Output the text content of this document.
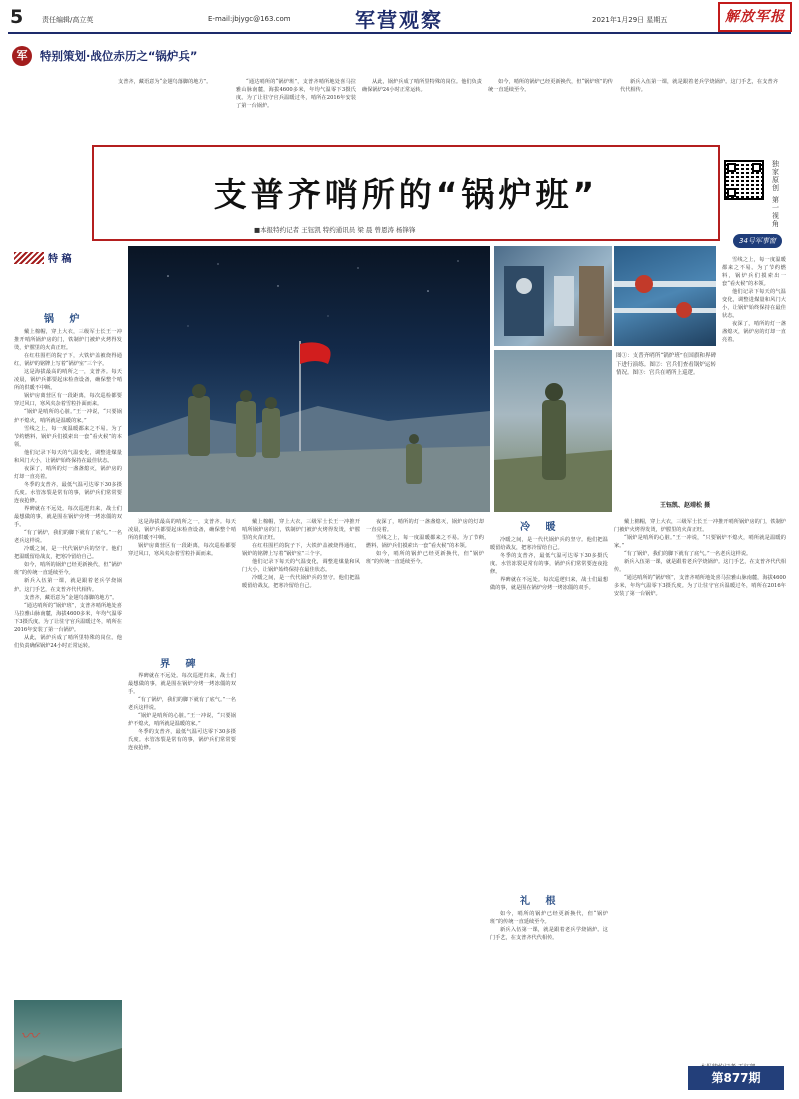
5	责任编辑/高立英	E-mail:jbjygc@163.com	军营观察	2021年1月29日 星期五	解放军报
军	特别策划·战位赤历之“锅炉兵”

支普齐，藏语意为“金翅鸟落脚的地方”。	“通达哨所的“锅炉班”，支普齐哨所地处喜马拉雅山脉南麓，海拔4600多米，年均气温零下3摄氏度。为了让驻守官兵温暖过冬，哨所在2016年安装了第一台锅炉。

从此，锅炉兵成了哨所里特殊的岗位。他们负责确保锅炉24小时正常运转。

如今，哨所的锅炉已经更新换代，但“锅炉班”的传统一直延续至今。

新兵入伍第一课，就是跟着老兵学烧锅炉。这门手艺，在支普齐代代相传。

支普齐哨所的“锅炉班”
■本报特约记者 王钰凯 特约通讯员 梁 晨 曾恩涛 杨锋锋
独家原创
第一视角
34号军事窗
特 稿
锅 炉

戴上棉帽，穿上大衣，三级军士长王一冲推开哨所锅炉房的门，铁制炉门被炉火烤得发烫，炉膛里的火苗正旺。

在红柱围栏的院子下，大铁炉盖被烧得通红，锅炉的铭牌上写着“锅炉室”三个字。

这是海拔最高的哨所之一，支普齐。每天凌晨，锅炉兵都要起床检查设备，确保整个哨所的供暖不中断。

锅炉房离营区有一段距离，每次巡检都要穿过风口，寒风夹杂着雪粒扑面而来。

“锅炉是哨所的心脏。”王一冲说，“只要锅炉不熄火，哨所就是温暖的家。”

雪线之上，每一度温暖都来之不易。为了节约燃料，锅炉兵们摸索出一套“看火候”的本领。

他们记录下每天的气温变化，调整进煤量和风门大小，让锅炉始终保持在最佳状态。

夜深了，哨所的灯一盏盏熄灭，锅炉房的灯却一直亮着。

冬季的支普齐，最低气温可达零下30多摄氏度。水管冻裂是常有的事，锅炉兵们常常要连夜抢修。

界碑就在不远处。每次巡逻归来，战士们最想做的事，就是围在锅炉旁烤一烤冻僵的双手。

“有了锅炉，我们的脚下就有了底气。”一名老兵这样说。

冷暖之间，是一代代锅炉兵的坚守。他们把温暖留给战友，把寒冷留给自己。

如今，哨所的锅炉已经更新换代，但“锅炉班”的传统一直延续至今。

新兵入伍第一课，就是跟着老兵学烧锅炉。这门手艺，在支普齐代代相传。

支普齐，藏语意为“金翅鸟落脚的地方”。

“通达哨所的“锅炉班”，支普齐哨所地处喜马拉雅山脉南麓，海拔4600多米，年均气温零下3摄氏度。为了让驻守官兵温暖过冬，哨所在2016年安装了第一台锅炉。

从此，锅炉兵成了哨所里特殊的岗位。他们负责确保锅炉24小时正常运转。

图①：支普齐哨所“锅炉班”在国旗和界碑下进行演练。图②：官兵们查看锅炉运转情况。图③：官兵在哨所上巡逻。
王钰凯、赵靖松 摄

雪线之上，每一度温暖都来之不易。为了节约燃料，锅炉兵们摸索出一套“看火候”的本领。

他们记录下每天的气温变化，调整进煤量和风门大小，让锅炉始终保持在最佳状态。

夜深了，哨所的灯一盏盏熄灭，锅炉房的灯却一直亮着。

这是海拔最高的哨所之一，支普齐。每天凌晨，锅炉兵都要起床检查设备，确保整个哨所的供暖不中断。

锅炉房离营区有一段距离，每次巡检都要穿过风口，寒风夹杂着雪粒扑面而来。

界 碑

界碑就在不远处。每次巡逻归来，战士们最想做的事，就是围在锅炉旁烤一烤冻僵的双手。

“有了锅炉，我们的脚下就有了底气。”一名老兵这样说。

“锅炉是哨所的心脏。”王一冲说，“只要锅炉不熄火，哨所就是温暖的家。”

冬季的支普齐，最低气温可达零下30多摄氏度。水管冻裂是常有的事，锅炉兵们常常要连夜抢修。

戴上棉帽，穿上大衣，三级军士长王一冲推开哨所锅炉房的门，铁制炉门被炉火烤得发烫，炉膛里的火苗正旺。

在红柱围栏的院子下，大铁炉盖被烧得通红，锅炉的铭牌上写着“锅炉室”三个字。

他们记录下每天的气温变化，调整进煤量和风门大小，让锅炉始终保持在最佳状态。

冷暖之间，是一代代锅炉兵的坚守。他们把温暖留给战友，把寒冷留给自己。

夜深了，哨所的灯一盏盏熄灭，锅炉房的灯却一直亮着。

雪线之上，每一度温暖都来之不易。为了节约燃料，锅炉兵们摸索出一套“看火候”的本领。

如今，哨所的锅炉已经更新换代，但“锅炉班”的传统一直延续至今。

冷 暖

冷暖之间，是一代代锅炉兵的坚守。他们把温暖留给战友，把寒冷留给自己。

冬季的支普齐，最低气温可达零下30多摄氏度。水管冻裂是常有的事，锅炉兵们常常要连夜抢修。

界碑就在不远处。每次巡逻归来，战士们最想做的事，就是围在锅炉旁烤一烤冻僵的双手。

礼 根

如今，哨所的锅炉已经更新换代，但“锅炉班”的传统一直延续至今。

新兵入伍第一课，就是跟着老兵学烧锅炉。这门手艺，在支普齐代代相传。

戴上棉帽，穿上大衣，三级军士长王一冲推开哨所锅炉房的门，铁制炉门被炉火烤得发烫，炉膛里的火苗正旺。

“锅炉是哨所的心脏。”王一冲说，“只要锅炉不熄火，哨所就是温暖的家。”

“有了锅炉，我们的脚下就有了底气。”一名老兵这样说。

新兵入伍第一课，就是跟着老兵学烧锅炉。这门手艺，在支普齐代代相传。

“通达哨所的“锅炉班”，支普齐哨所地处喜马拉雅山脉南麓，海拔4600多米，年均气温零下3摄氏度。为了让驻守官兵温暖过冬，哨所在2016年安装了第一台锅炉。

〰
第877期
